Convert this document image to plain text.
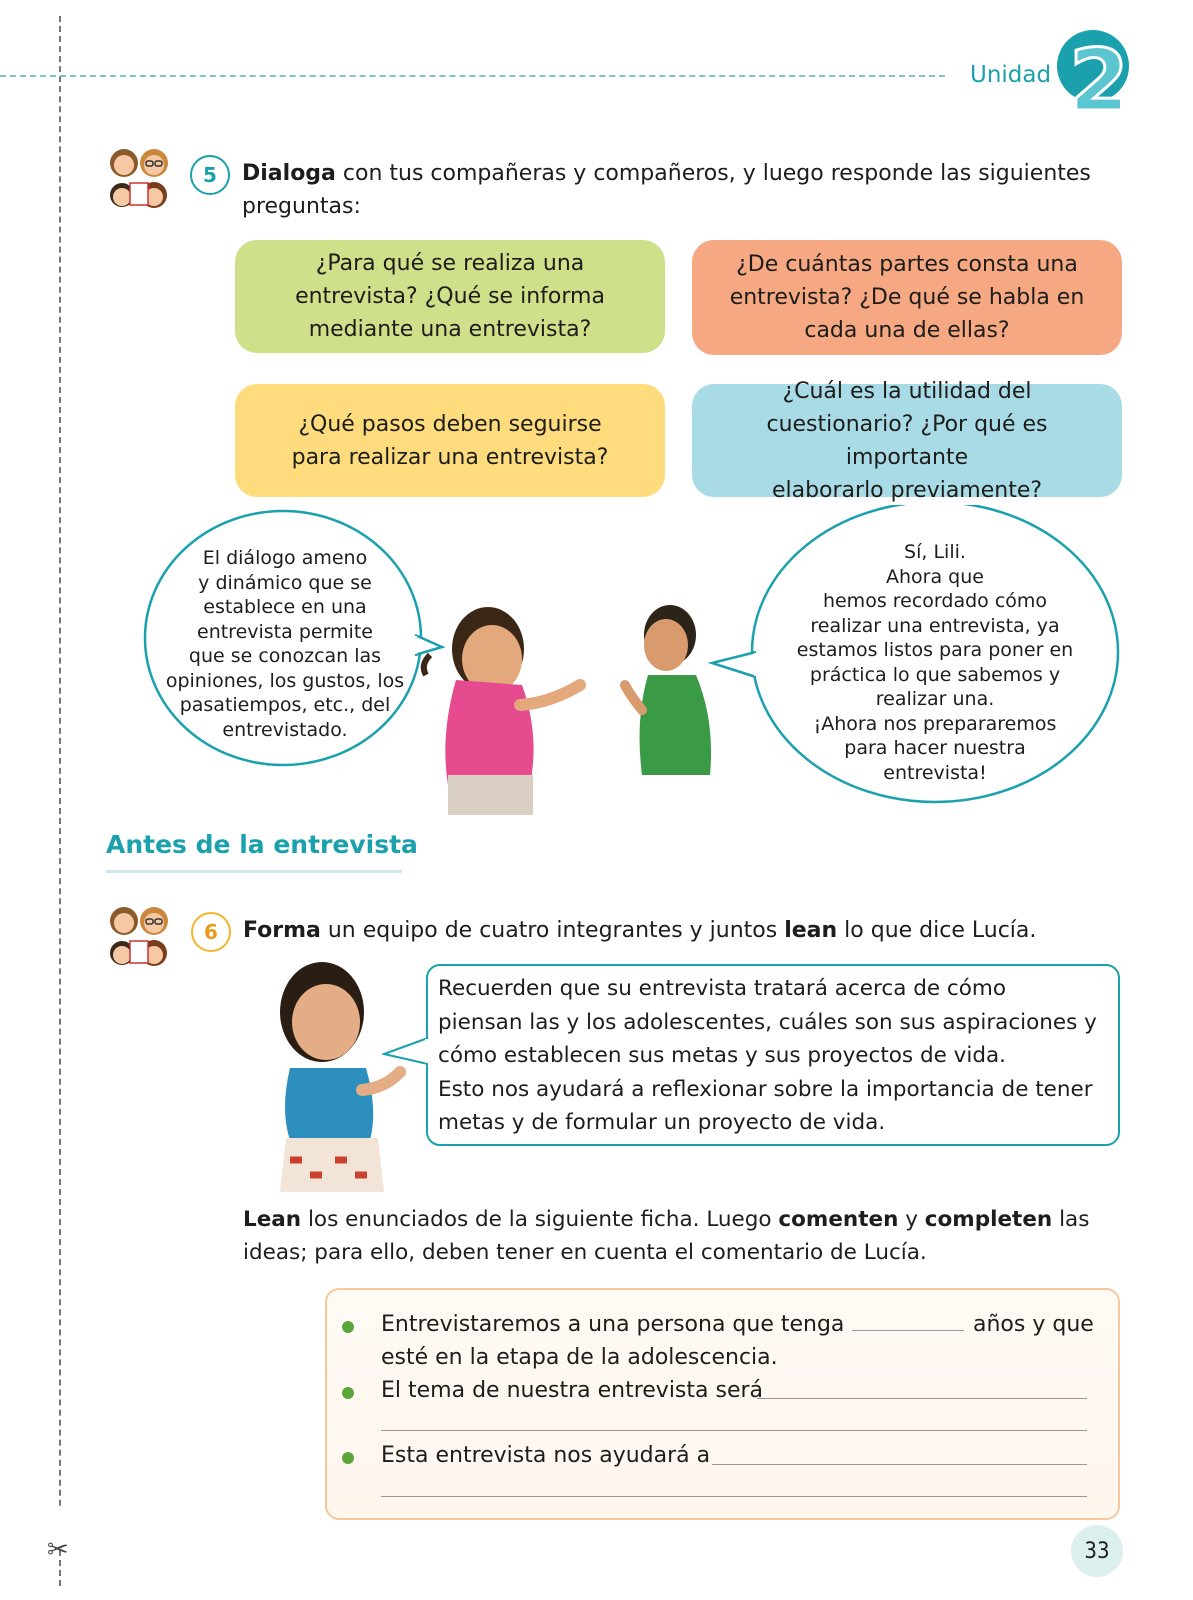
✂
Unidad 2
5	Dialoga con tus compañeras y compañeros, y luego responde las siguientes
preguntas:
¿Para qué se realiza una
entrevista? ¿Qué se informa
mediante una entrevista?
¿De cuántas partes consta una
entrevista? ¿De qué se habla en
cada una de ellas?
¿Qué pasos deben seguirse
para realizar una entrevista?
¿Cuál es la utilidad del
cuestionario? ¿Por qué es importante
elaborarlo previamente?
El diálogo ameno
y dinámico que se
establece en una
entrevista permite
que se conozcan las
opiniones, los gustos, los
pasatiempos, etc., del
entrevistado.
Sí, Lili.
Ahora que
hemos recordado cómo
realizar una entrevista, ya
estamos listos para poner en
práctica lo que sabemos y
realizar una.
¡Ahora nos prepararemos
para hacer nuestra
entrevista!
Antes de la entrevista
6	Forma un equipo de cuatro integrantes y juntos lean lo que dice Lucía.
Recuerden que su entrevista tratará acerca de cómo
piensan las y los adolescentes, cuáles son sus aspiraciones y
cómo establecen sus metas y sus proyectos de vida.
Esto nos ayudará a reflexionar sobre la importancia de tener
metas y de formular un proyecto de vida.
Lean los enunciados de la siguiente ficha. Luego comenten y completen las
ideas; para ello, deben tener en cuenta el comentario de Lucía.
Entrevistaremos a una persona que tenga	años y que
esté en la etapa de la adolescencia.
El tema de nuestra entrevista será
Esta entrevista nos ayudará a
33
